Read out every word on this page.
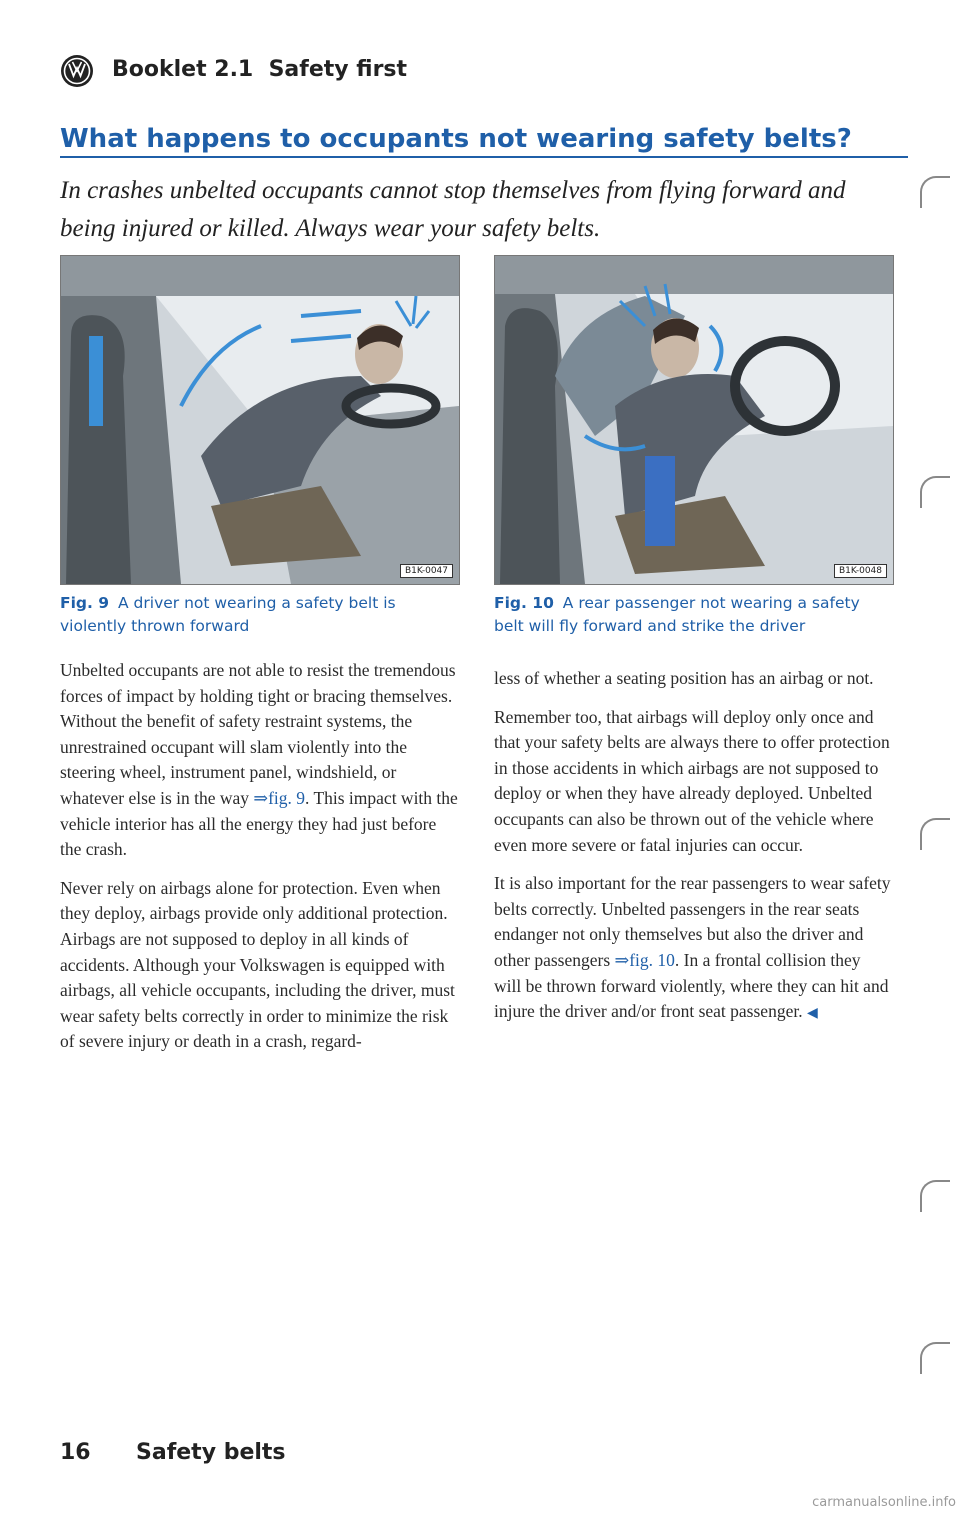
Booklet 2.1 Safety first
What happens to occupants not wearing safety belts?
In crashes unbelted occupants cannot stop themselves from flying forward and being injured or killed. Always wear your safety belts.
B1K-0047	B1K-0048
Fig. 9 A driver not wearing a safety belt is violently thrown forward
Fig. 10 A rear passenger not wearing a safety belt will fly forward and strike the driver

Unbelted occupants are not able to resist the tremendous forces of impact by holding tight or bracing themselves. Without the benefit of safety restraint systems, the unrestrained occupant will slam violently into the steering wheel, instrument panel, windshield, or whatever else is in the way ⇒fig. 9. This impact with the vehicle interior has all the energy they had just before the crash.

Never rely on airbags alone for protection. Even when they deploy, airbags provide only additional protection. Airbags are not supposed to deploy in all kinds of accidents. Although your Volkswagen is equipped with airbags, all vehicle occupants, including the driver, must wear safety belts correctly in order to minimize the risk of severe injury or death in a crash, regard-

less of whether a seating position has an airbag or not.

Remember too, that airbags will deploy only once and that your safety belts are always there to offer protection in those accidents in which airbags are not supposed to deploy or when they have already deployed. Unbelted occupants can also be thrown out of the vehicle where even more severe or fatal injuries can occur.

It is also important for the rear passengers to wear safety belts correctly. Unbelted passengers in the rear seats endanger not only themselves but also the driver and other passengers ⇒fig. 10. In a frontal collision they will be thrown forward violently, where they can hit and injure the driver and/or front seat passenger. ◀

16 Safety belts
carmanualsonline.info
